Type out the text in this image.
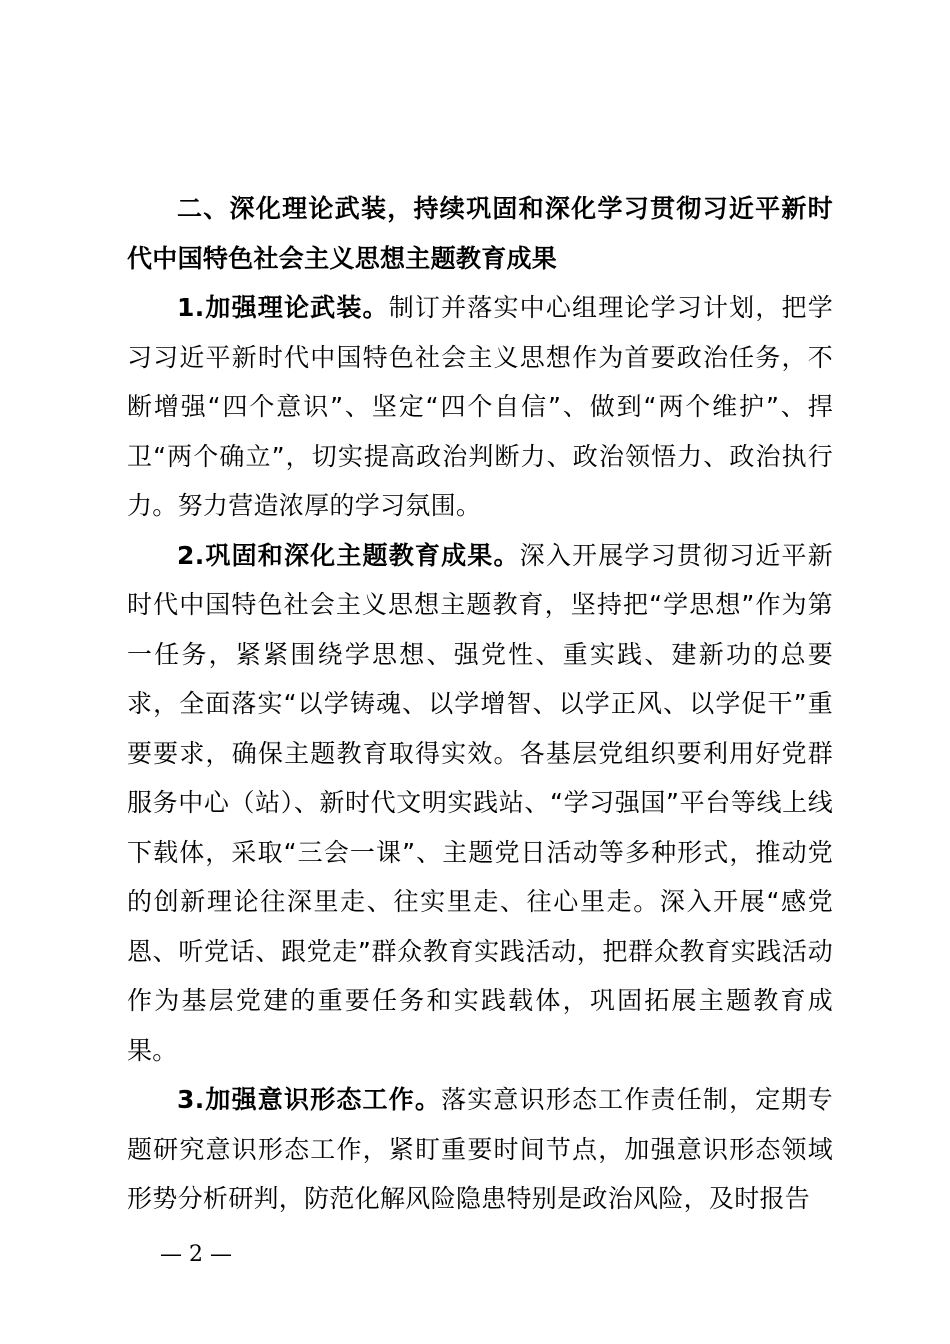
二、深化理论武装，持续巩固和深化学习贯彻习近平新时代中国特色社会主义思想主题教育成果

1.加强理论武装。制订并落实中心组理论学习计划，把学习习近平新时代中国特色社会主义思想作为首要政治任务，不断增强“四个意识”、坚定“四个自信”、做到“两个维护”、捍卫“两个确立”，切实提高政治判断力、政治领悟力、政治执行力。努力营造浓厚的学习氛围。

2.巩固和深化主题教育成果。深入开展学习贯彻习近平新时代中国特色社会主义思想主题教育，坚持把“学思想”作为第一任务，紧紧围绕学思想、强党性、重实践、建新功的总要求，全面落实“以学铸魂、以学增智、以学正风、以学促干”重要要求，确保主题教育取得实效。各基层党组织要利用好党群服务中心（站）、新时代文明实践站、“学习强国”平台等线上线下载体，采取“三会一课”、主题党日活动等多种形式，推动党的创新理论往深里走、往实里走、往心里走。深入开展“感党恩、听党话、跟党走”群众教育实践活动，把群众教育实践活动作为基层党建的重要任务和实践载体，巩固拓展主题教育成果。

3.加强意识形态工作。落实意识形态工作责任制，定期专题研究意识形态工作，紧盯重要时间节点，加强意识形态领域形势分析研判，防范化解风险隐患特别是政治风险，及时报告

— 2 —
